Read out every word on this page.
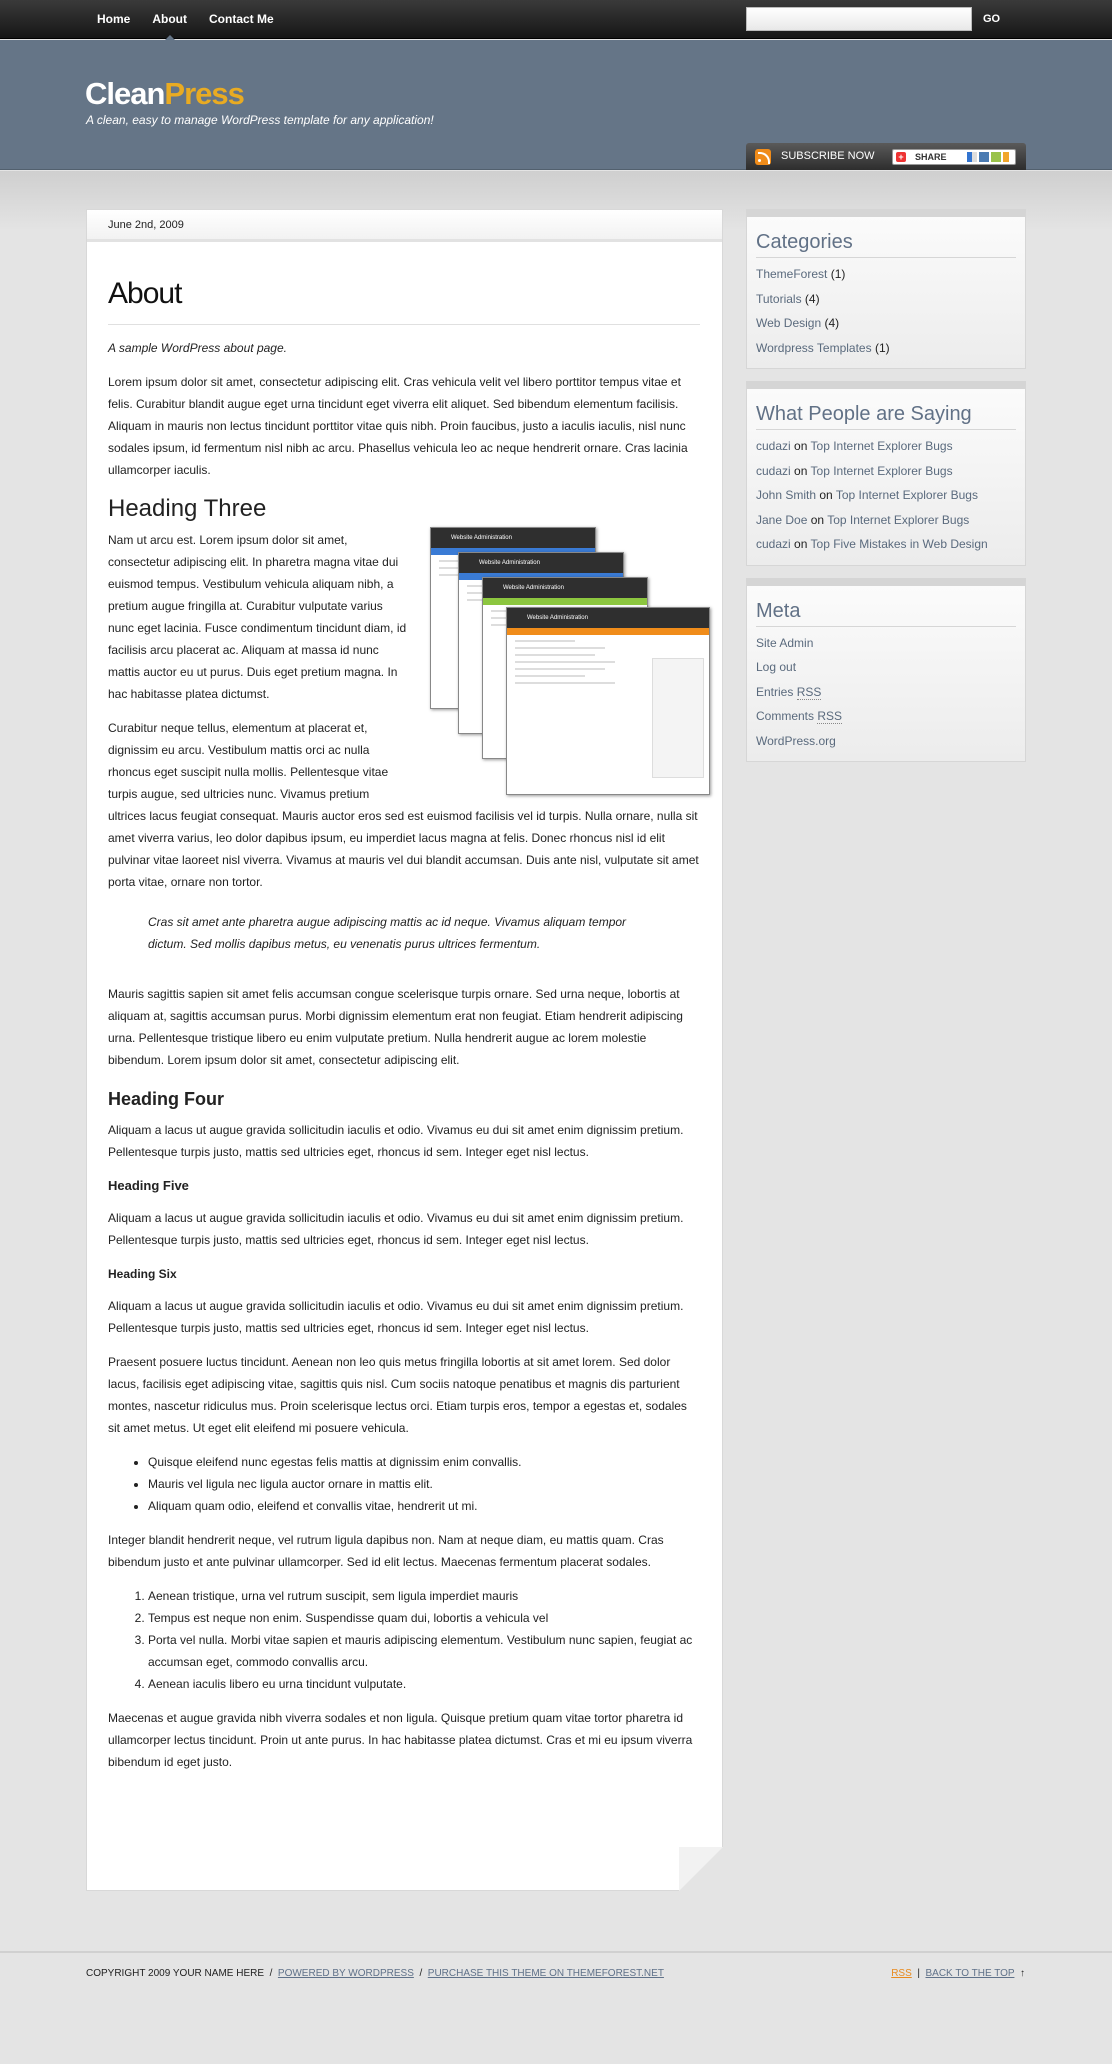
Home	About	Contact Me	GO
CleanPress
A clean, easy to manage WordPress template for any application!
SUBSCRIBE NOW	+ SHARE
June 2nd, 2009
About

A sample WordPress about page.

Lorem ipsum dolor sit amet, consectetur adipiscing elit. Cras vehicula velit vel libero porttitor tempus vitae et felis. Curabitur blandit augue eget urna tincidunt eget viverra elit aliquet. Sed bibendum elementum facilisis. Aliquam in mauris non lectus tincidunt porttitor vitae quis nibh. Proin faucibus, justo a iaculis iaculis, nisl nunc sodales ipsum, id fermentum nisl nibh ac arcu. Phasellus vehicula leo ac neque hendrerit ornare. Cras lacinia ullamcorper iaculis.

Heading Three
Website Administration
Website Administration
Website Administration
Website Administration

Nam ut arcu est. Lorem ipsum dolor sit amet, consectetur adipiscing elit. In pharetra magna vitae dui euismod tempus. Vestibulum vehicula aliquam nibh, a pretium augue fringilla at. Curabitur vulputate varius nunc eget lacinia. Fusce condimentum tincidunt diam, id facilisis arcu placerat ac. Aliquam at massa id nunc mattis auctor eu ut purus. Duis eget pretium magna. In hac habitasse platea dictumst.

Curabitur neque tellus, elementum at placerat et, dignissim eu arcu. Vestibulum mattis orci ac nulla rhoncus eget suscipit nulla mollis. Pellentesque vitae turpis augue, sed ultricies nunc. Vivamus pretium ultrices lacus feugiat consequat. Mauris auctor eros sed est euismod facilisis vel id turpis. Nulla ornare, nulla sit amet viverra varius, leo dolor dapibus ipsum, eu imperdiet lacus magna at felis. Donec rhoncus nisl id elit pulvinar vitae laoreet nisl viverra. Vivamus at mauris vel dui blandit accumsan. Duis ante nisl, vulputate sit amet porta vitae, ornare non tortor.

Cras sit amet ante pharetra augue adipiscing mattis ac id neque. Vivamus aliquam tempor dictum. Sed mollis dapibus metus, eu venenatis purus ultrices fermentum.

Mauris sagittis sapien sit amet felis accumsan congue scelerisque turpis ornare. Sed urna neque, lobortis at aliquam at, sagittis accumsan purus. Morbi dignissim elementum erat non feugiat. Etiam hendrerit adipiscing urna. Pellentesque tristique libero eu enim vulputate pretium. Nulla hendrerit augue ac lorem molestie bibendum. Lorem ipsum dolor sit amet, consectetur adipiscing elit.

Heading Four

Aliquam a lacus ut augue gravida sollicitudin iaculis et odio. Vivamus eu dui sit amet enim dignissim pretium. Pellentesque turpis justo, mattis sed ultricies eget, rhoncus id sem. Integer eget nisl lectus.

Heading Five

Aliquam a lacus ut augue gravida sollicitudin iaculis et odio. Vivamus eu dui sit amet enim dignissim pretium. Pellentesque turpis justo, mattis sed ultricies eget, rhoncus id sem. Integer eget nisl lectus.

Heading Six

Aliquam a lacus ut augue gravida sollicitudin iaculis et odio. Vivamus eu dui sit amet enim dignissim pretium. Pellentesque turpis justo, mattis sed ultricies eget, rhoncus id sem. Integer eget nisl lectus.

Praesent posuere luctus tincidunt. Aenean non leo quis metus fringilla lobortis at sit amet lorem. Sed dolor lacus, facilisis eget adipiscing vitae, sagittis quis nisl. Cum sociis natoque penatibus et magnis dis parturient montes, nascetur ridiculus mus. Proin scelerisque lectus orci. Etiam turpis eros, tempor a egestas et, sodales sit amet metus. Ut eget elit eleifend mi posuere vehicula.

• Quisque eleifend nunc egestas felis mattis at dignissim enim convallis.
• Mauris vel ligula nec ligula auctor ornare in mattis elit.
• Aliquam quam odio, eleifend et convallis vitae, hendrerit ut mi.

Integer blandit hendrerit neque, vel rutrum ligula dapibus non. Nam at neque diam, eu mattis quam. Cras bibendum justo et ante pulvinar ullamcorper. Sed id elit lectus. Maecenas fermentum placerat sodales.

1. Aenean tristique, urna vel rutrum suscipit, sem ligula imperdiet mauris
2. Tempus est neque non enim. Suspendisse quam dui, lobortis a vehicula vel
3. Porta vel nulla. Morbi vitae sapien et mauris adipiscing elementum. Vestibulum nunc sapien, feugiat ac accumsan eget, commodo convallis arcu.
4. Aenean iaculis libero eu urna tincidunt vulputate.

Maecenas et augue gravida nibh viverra sodales et non ligula. Quisque pretium quam vitae tortor pharetra id ullamcorper lectus tincidunt. Proin ut ante purus. In hac habitasse platea dictumst. Cras et mi eu ipsum viverra bibendum id eget justo.

Categories
ThemeForest (1)
Tutorials (4)
Web Design (4)
Wordpress Templates (1)
What People are Saying
cudazi on Top Internet Explorer Bugs
cudazi on Top Internet Explorer Bugs
John Smith on Top Internet Explorer Bugs
Jane Doe on Top Internet Explorer Bugs
cudazi on Top Five Mistakes in Web Design
Meta
Site Admin
Log out
Entries RSS
Comments RSS
WordPress.org
COPYRIGHT 2009 YOUR NAME HERE / POWERED BY WORDPRESS / PURCHASE THIS THEME ON THEMEFOREST.NET	RSS | BACK TO THE TOP ↑
